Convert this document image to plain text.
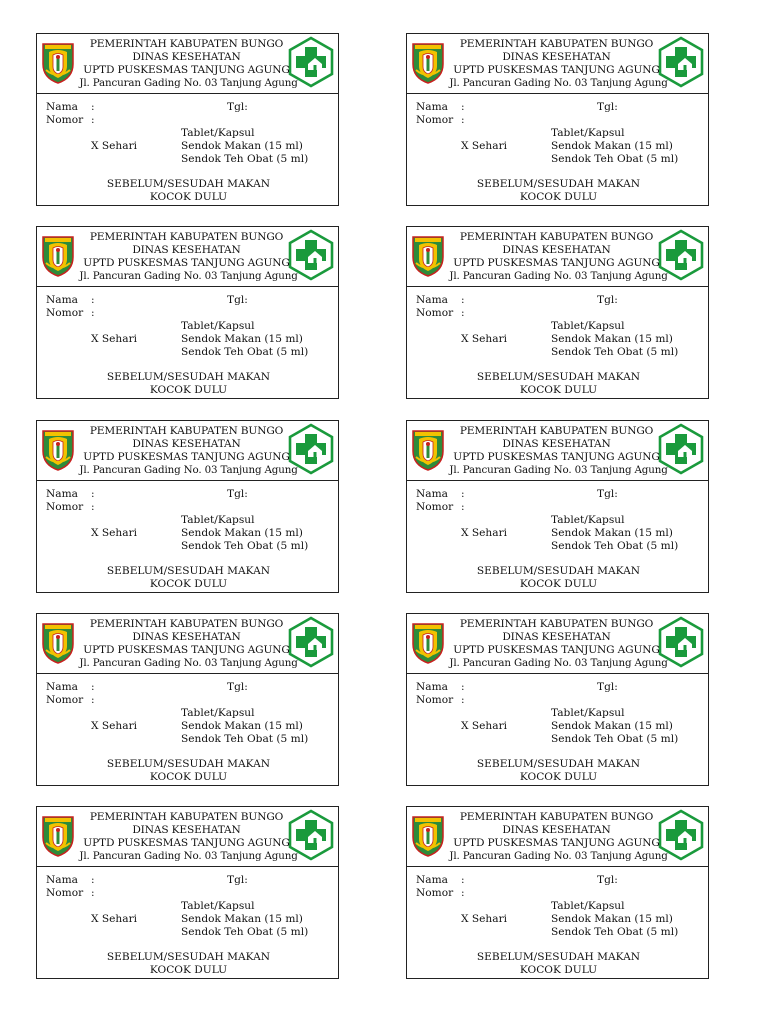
PEMERINTAH KABUPATEN BUNGO
DINAS KESEHATAN
UPTD PUSKESMAS TANJUNG AGUNG
Jl. Pancuran Gading No. 03 Tanjung Agung
Nama :	Tgl:
Nomor :
Tablet/Kapsul
X Sehari	Sendok Makan (15 ml)
Sendok Teh Obat (5 ml)
SEBELUM/SESUDAH MAKAN
KOCOK DULU
PEMERINTAH KABUPATEN BUNGO
DINAS KESEHATAN
UPTD PUSKESMAS TANJUNG AGUNG
Jl. Pancuran Gading No. 03 Tanjung Agung
Nama :	Tgl:
Nomor :
Tablet/Kapsul
X Sehari	Sendok Makan (15 ml)
Sendok Teh Obat (5 ml)
SEBELUM/SESUDAH MAKAN
KOCOK DULU
PEMERINTAH KABUPATEN BUNGO
DINAS KESEHATAN
UPTD PUSKESMAS TANJUNG AGUNG
Jl. Pancuran Gading No. 03 Tanjung Agung
Nama :	Tgl:
Nomor :
Tablet/Kapsul
X Sehari	Sendok Makan (15 ml)
Sendok Teh Obat (5 ml)
SEBELUM/SESUDAH MAKAN
KOCOK DULU
PEMERINTAH KABUPATEN BUNGO
DINAS KESEHATAN
UPTD PUSKESMAS TANJUNG AGUNG
Jl. Pancuran Gading No. 03 Tanjung Agung
Nama :	Tgl:
Nomor :
Tablet/Kapsul
X Sehari	Sendok Makan (15 ml)
Sendok Teh Obat (5 ml)
SEBELUM/SESUDAH MAKAN
KOCOK DULU
PEMERINTAH KABUPATEN BUNGO
DINAS KESEHATAN
UPTD PUSKESMAS TANJUNG AGUNG
Jl. Pancuran Gading No. 03 Tanjung Agung
Nama :	Tgl:
Nomor :
Tablet/Kapsul
X Sehari	Sendok Makan (15 ml)
Sendok Teh Obat (5 ml)
SEBELUM/SESUDAH MAKAN
KOCOK DULU
PEMERINTAH KABUPATEN BUNGO
DINAS KESEHATAN
UPTD PUSKESMAS TANJUNG AGUNG
Jl. Pancuran Gading No. 03 Tanjung Agung
Nama :	Tgl:
Nomor :
Tablet/Kapsul
X Sehari	Sendok Makan (15 ml)
Sendok Teh Obat (5 ml)
SEBELUM/SESUDAH MAKAN
KOCOK DULU
PEMERINTAH KABUPATEN BUNGO
DINAS KESEHATAN
UPTD PUSKESMAS TANJUNG AGUNG
Jl. Pancuran Gading No. 03 Tanjung Agung
Nama :	Tgl:
Nomor :
Tablet/Kapsul
X Sehari	Sendok Makan (15 ml)
Sendok Teh Obat (5 ml)
SEBELUM/SESUDAH MAKAN
KOCOK DULU
PEMERINTAH KABUPATEN BUNGO
DINAS KESEHATAN
UPTD PUSKESMAS TANJUNG AGUNG
Jl. Pancuran Gading No. 03 Tanjung Agung
Nama :	Tgl:
Nomor :
Tablet/Kapsul
X Sehari	Sendok Makan (15 ml)
Sendok Teh Obat (5 ml)
SEBELUM/SESUDAH MAKAN
KOCOK DULU
PEMERINTAH KABUPATEN BUNGO
DINAS KESEHATAN
UPTD PUSKESMAS TANJUNG AGUNG
Jl. Pancuran Gading No. 03 Tanjung Agung
Nama :	Tgl:
Nomor :
Tablet/Kapsul
X Sehari	Sendok Makan (15 ml)
Sendok Teh Obat (5 ml)
SEBELUM/SESUDAH MAKAN
KOCOK DULU
PEMERINTAH KABUPATEN BUNGO
DINAS KESEHATAN
UPTD PUSKESMAS TANJUNG AGUNG
Jl. Pancuran Gading No. 03 Tanjung Agung
Nama :	Tgl:
Nomor :
Tablet/Kapsul
X Sehari	Sendok Makan (15 ml)
Sendok Teh Obat (5 ml)
SEBELUM/SESUDAH MAKAN
KOCOK DULU
